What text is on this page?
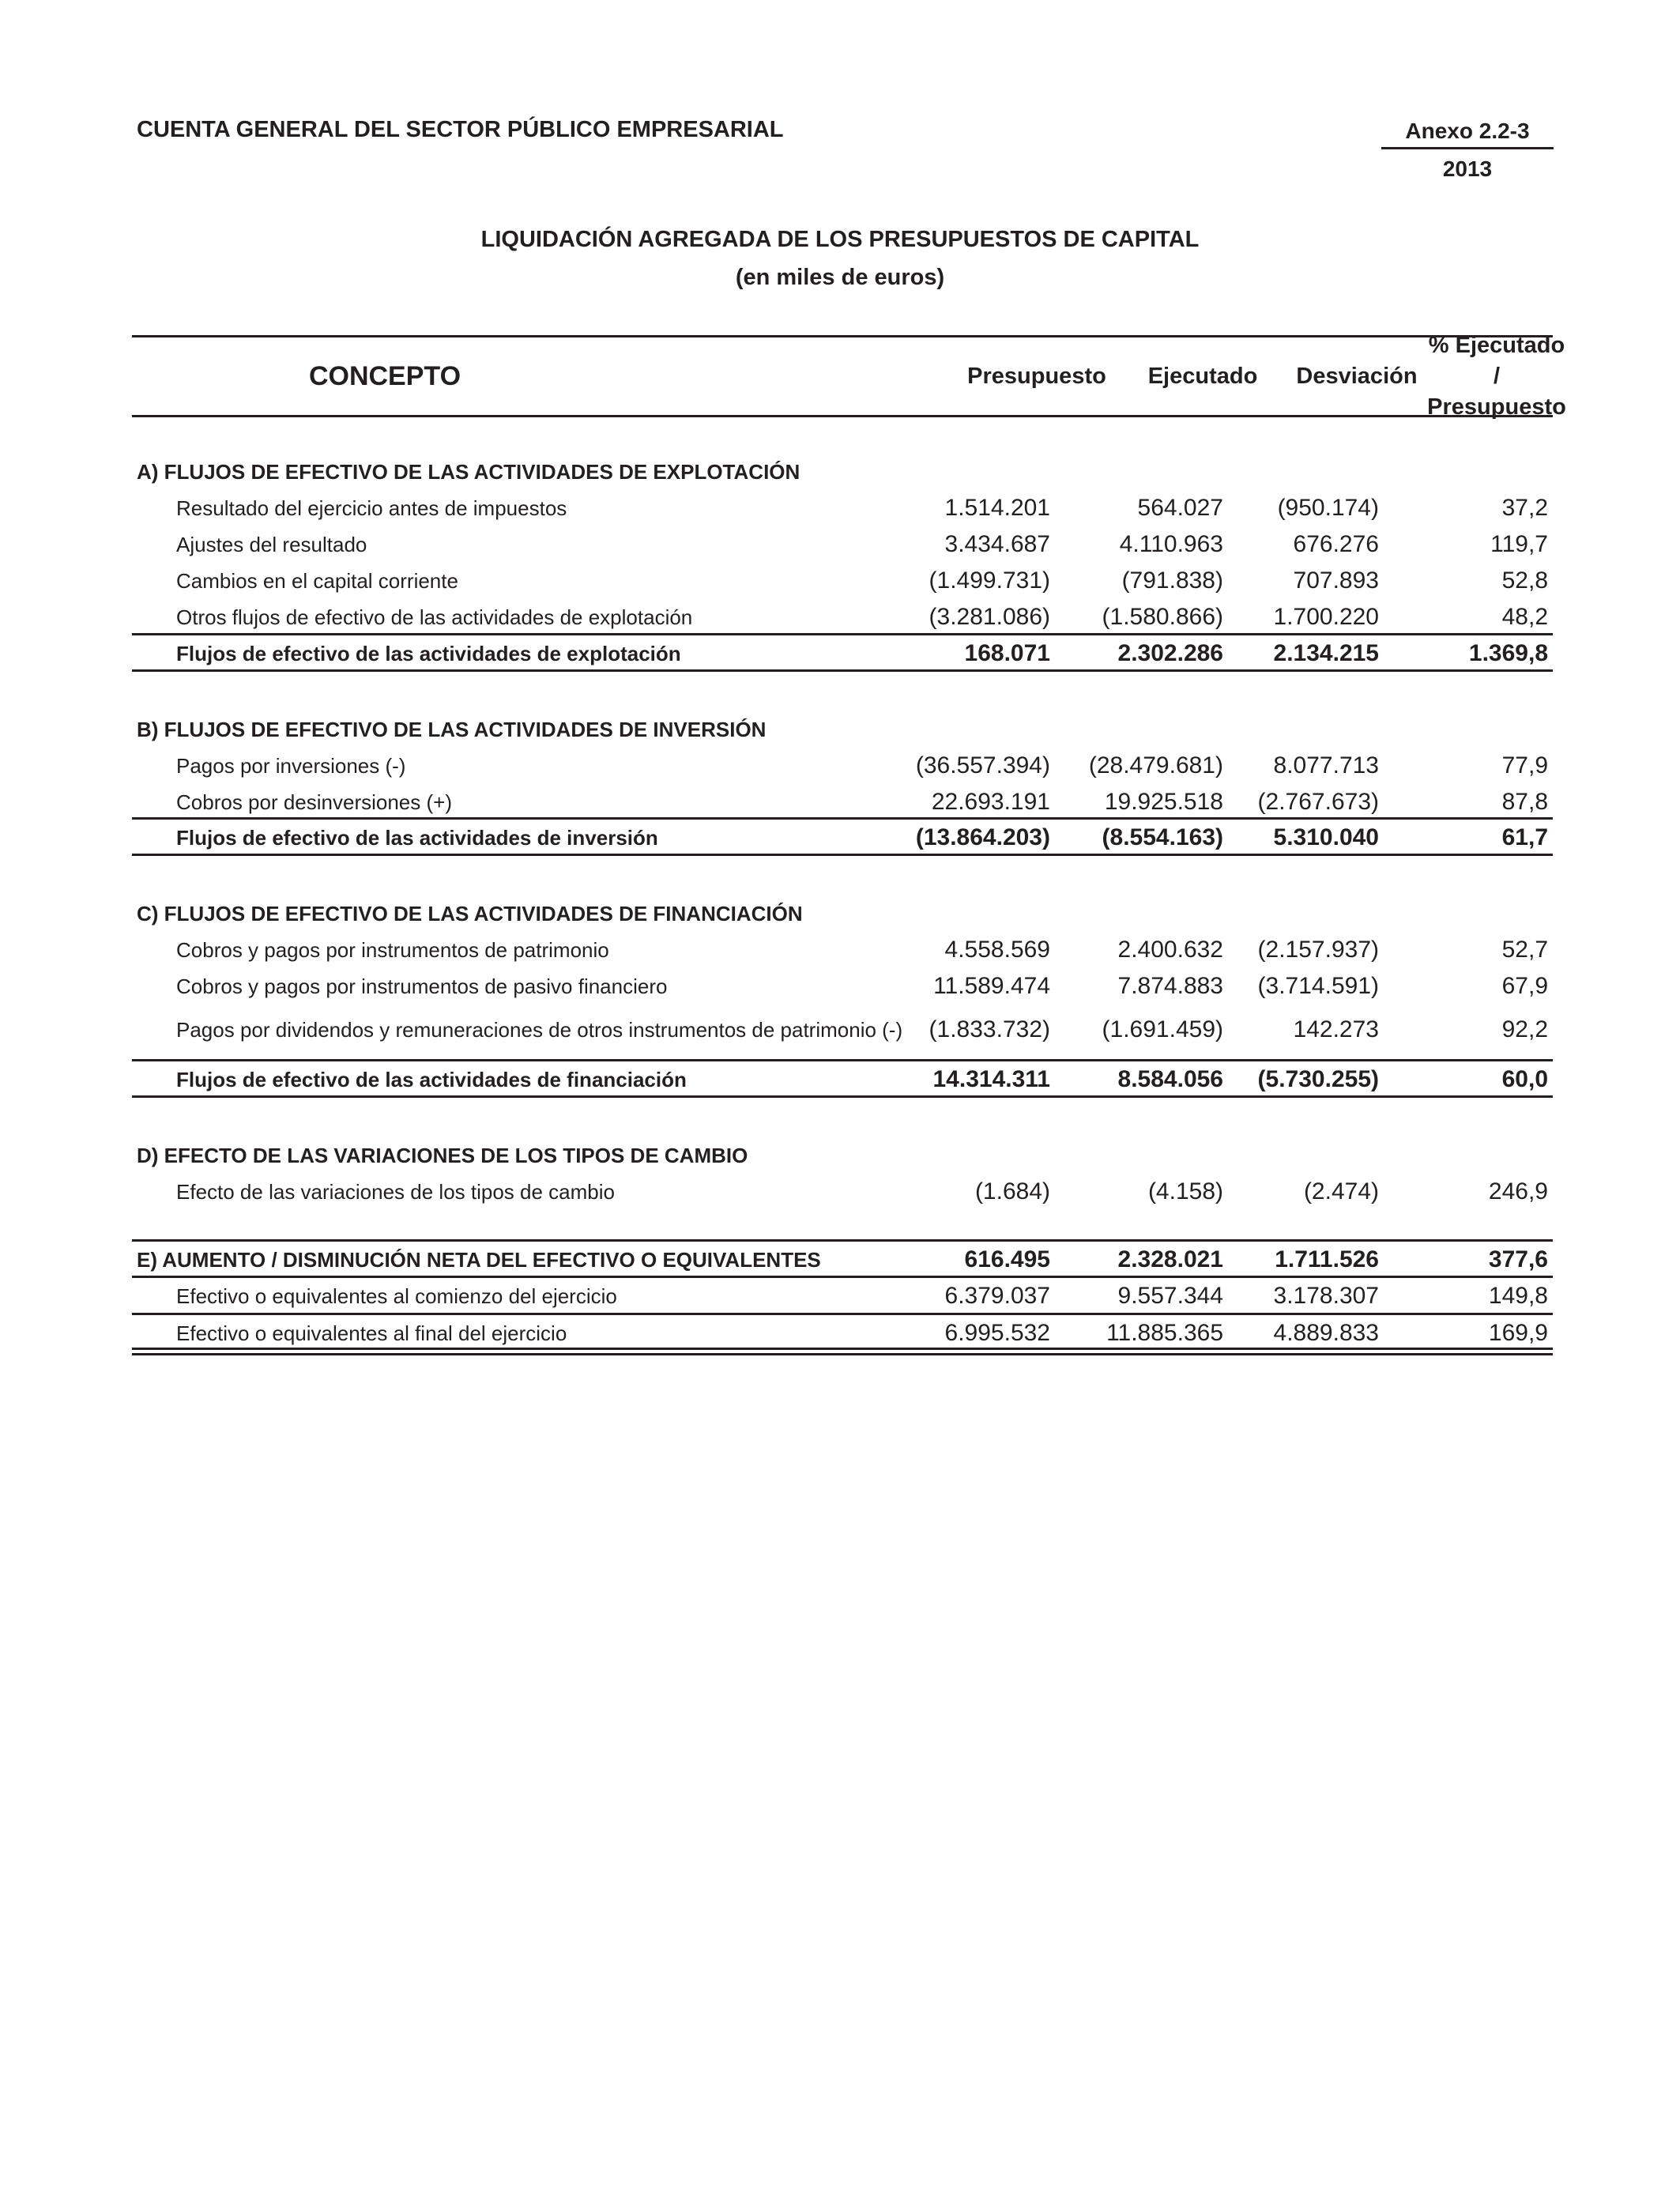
CUENTA GENERAL DEL SECTOR PÚBLICO EMPRESARIAL	Anexo 2.2-3
2013
LIQUIDACIÓN AGREGADA DE LOS PRESUPUESTOS DE CAPITAL
(en miles de euros)
CONCEPTO	Presupuesto	Ejecutado	Desviación
% Ejecutado /
Presupuesto
A) FLUJOS DE EFECTIVO DE LAS ACTIVIDADES DE EXPLOTACIÓN
Resultado del ejercicio antes de impuestos	1.514.201	564.027	(950.174)	37,2
Ajustes del resultado	3.434.687	4.110.963	676.276	119,7
Cambios en el capital corriente	(1.499.731)	(791.838)	707.893	52,8
Otros flujos de efectivo de las actividades de explotación	(3.281.086)	(1.580.866)	1.700.220	48,2
Flujos de efectivo de las actividades de explotación	168.071	2.302.286	2.134.215	1.369,8
B) FLUJOS DE EFECTIVO DE LAS ACTIVIDADES DE INVERSIÓN
Pagos por inversiones (-)	(36.557.394)	(28.479.681)	8.077.713	77,9
Cobros por desinversiones (+)	22.693.191	19.925.518	(2.767.673)	87,8
Flujos de efectivo de las actividades de inversión	(13.864.203)	(8.554.163)	5.310.040	61,7
C) FLUJOS DE EFECTIVO DE LAS ACTIVIDADES DE FINANCIACIÓN
Cobros y pagos por instrumentos de patrimonio	4.558.569	2.400.632	(2.157.937)	52,7
Cobros y pagos por instrumentos de pasivo financiero	11.589.474	7.874.883	(3.714.591)	67,9
Pagos por dividendos y remuneraciones de otros instrumentos de patrimonio (-)	(1.833.732)	(1.691.459)	142.273	92,2
Flujos de efectivo de las actividades de financiación	14.314.311	8.584.056	(5.730.255)	60,0
D) EFECTO DE LAS VARIACIONES DE LOS TIPOS DE CAMBIO
Efecto de las variaciones de los tipos de cambio	(1.684)	(4.158)	(2.474)	246,9
E) AUMENTO / DISMINUCIÓN NETA DEL EFECTIVO O EQUIVALENTES	616.495	2.328.021	1.711.526	377,6
Efectivo o equivalentes al comienzo del ejercicio	6.379.037	9.557.344	3.178.307	149,8
Efectivo o equivalentes al final del ejercicio	6.995.532	11.885.365	4.889.833	169,9
